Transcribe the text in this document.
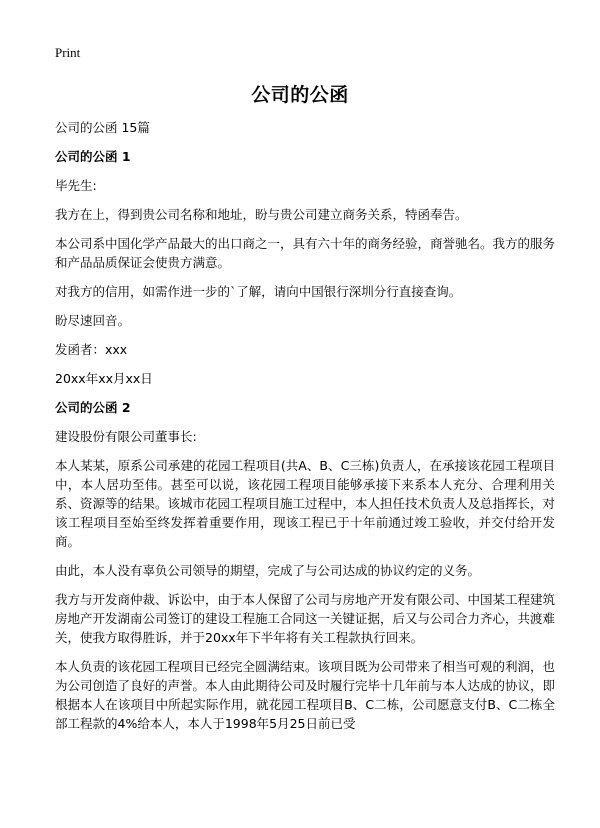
Print
公司的公函

公司的公函 15篇

公司的公函 1

毕先生:

我方在上，得到贵公司名称和地址，盼与贵公司建立商务关系，特函奉告。

本公司系中国化学产品最大的出口商之一，具有六十年的商务经验，商誉驰名。我方的服务和产品品质保证会使贵方满意。

对我方的信用，如需作进一步的`了解，请向中国银行深圳分行直接查询。

盼尽速回音。

发函者：xxx

20xx年xx月xx日

公司的公函 2

建设股份有限公司董事长:

本人某某，原系公司承建的花园工程项目(共A、B、C三栋)负责人，在承接该花园工程项目中，本人居功至伟。甚至可以说，该花园工程项目能够承接下来系本人充分、合理利用关系、资源等的结果。该城市花园工程项目施工过程中，本人担任技术负责人及总指挥长，对该工程项目至始至终发挥着重要作用，现该工程已于十年前通过竣工验收，并交付给开发商。

由此，本人没有辜负公司领导的期望，完成了与公司达成的协议约定的义务。

我方与开发商仲裁、诉讼中，由于本人保留了公司与房地产开发有限公司、中国某工程建筑房地产开发湖南公司签订的建设工程施工合同这一关键证据，后又与公司合力齐心，共渡难关，使我方取得胜诉，并于20xx年下半年将有关工程款执行回来。

本人负责的该花园工程项目已经完全圆满结束。该项目既为公司带来了相当可观的利润，也为公司创造了良好的声誉。本人由此期待公司及时履行完毕十几年前与本人达成的协议，即根据本人在该项目中所起实际作用，就花园工程项目B、C二栋，公司愿意支付B、C二栋全部工程款的4%给本人，本人于1998年5月25日前已受
